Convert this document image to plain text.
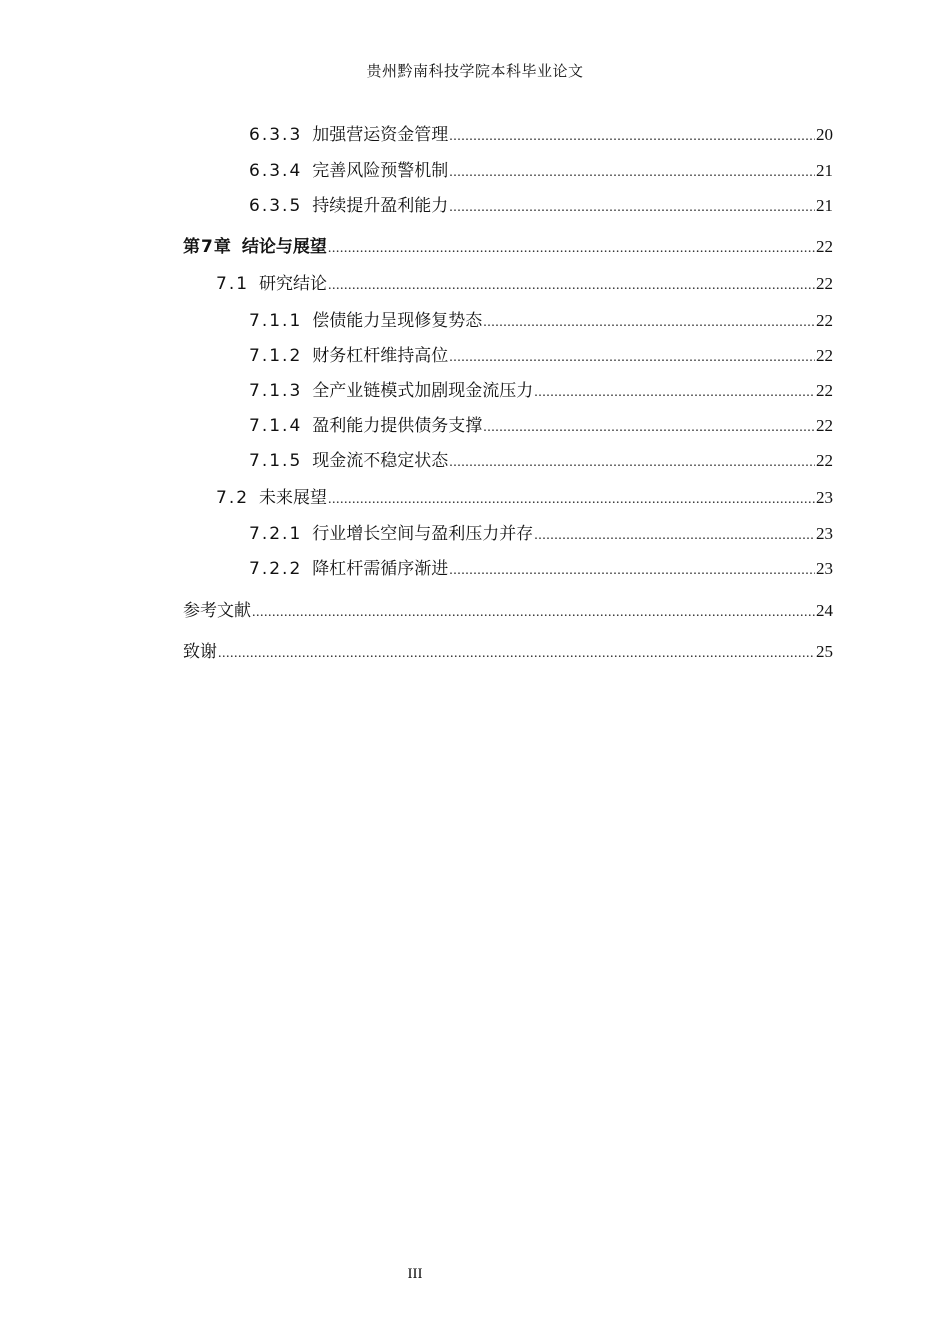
贵州黔南科技学院本科毕业论文
6.3.3 加强营运资金管理 .....	20
6.3.4 完善风险预警机制 .....	21
6.3.5 持续提升盈利能力 .....	21
第7章 结论与展望 .....	22
7.1 研究结论 .....	22
7.1.1 偿债能力呈现修复势态 .....	22
7.1.2 财务杠杆维持高位 .....	22
7.1.3 全产业链模式加剧现金流压力 .....	22
7.1.4 盈利能力提供债务支撑 .....	22
7.1.5 现金流不稳定状态 .....	22
7.2 未来展望 .....	23
7.2.1 行业增长空间与盈利压力并存 .....	23
7.2.2 降杠杆需循序渐进 .....	23
参考文献 .....	24
致谢 .....	25
III
